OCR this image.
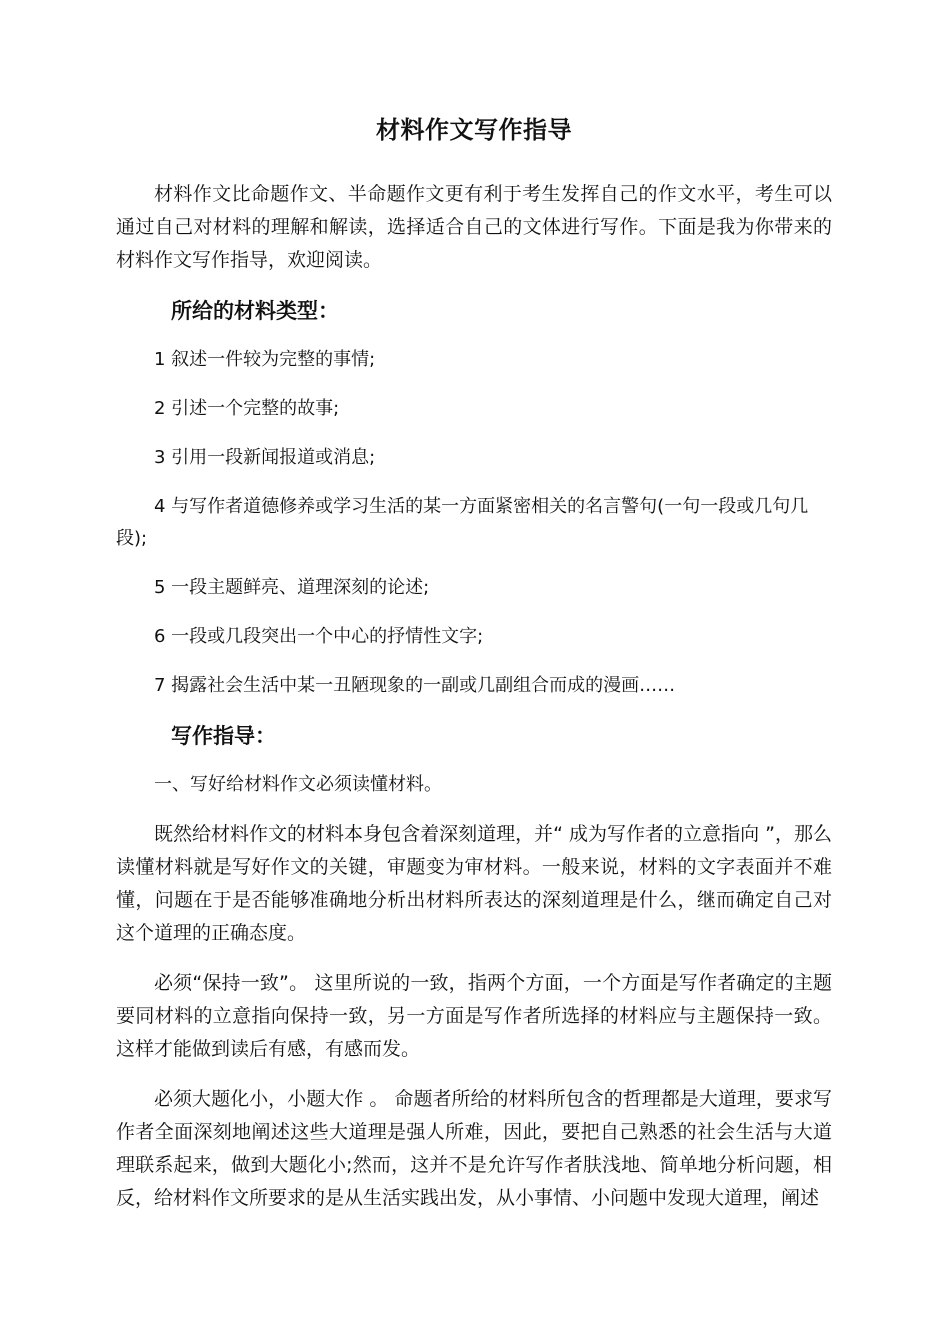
材料作文写作指导

材料作文比命题作文、半命题作文更有利于考生发挥自己的作文水平，考生可以通过自己对材料的理解和解读，选择适合自己的文体进行写作。下面是我为你带来的材料作文写作指导，欢迎阅读。

所给的材料类型：

1 叙述一件较为完整的事情;

2 引述一个完整的故事;

3 引用一段新闻报道或消息;

4 与写作者道德修养或学习生活的某一方面紧密相关的名言警句(一句一段或几句几段);

5 一段主题鲜亮、道理深刻的论述;

6 一段或几段突出一个中心的抒情性文字;

7 揭露社会生活中某一丑陋现象的一副或几副组合而成的漫画……

写作指导：

一、写好给材料作文必须读懂材料。

既然给材料作文的材料本身包含着深刻道理，并“ 成为写作者的立意指向 ”，那么读懂材料就是写好作文的关键，审题变为审材料。一般来说，材料的文字表面并不难懂，问题在于是否能够准确地分析出材料所表达的深刻道理是什么，继而确定自己对这个道理的正确态度。

必须“保持一致”。 这里所说的一致，指两个方面，一个方面是写作者确定的主题要同材料的立意指向保持一致，另一方面是写作者所选择的材料应与主题保持一致。这样才能做到读后有感，有感而发。

必须大题化小，小题大作 。 命题者所给的材料所包含的哲理都是大道理，要求写作者全面深刻地阐述这些大道理是强人所难，因此，要把自己熟悉的社会生活与大道理联系起来，做到大题化小;然而，这并不是允许写作者肤浅地、简单地分析问题，相反，给材料作文所要求的是从生活实践出发，从小事情、小问题中发现大道理，阐述
